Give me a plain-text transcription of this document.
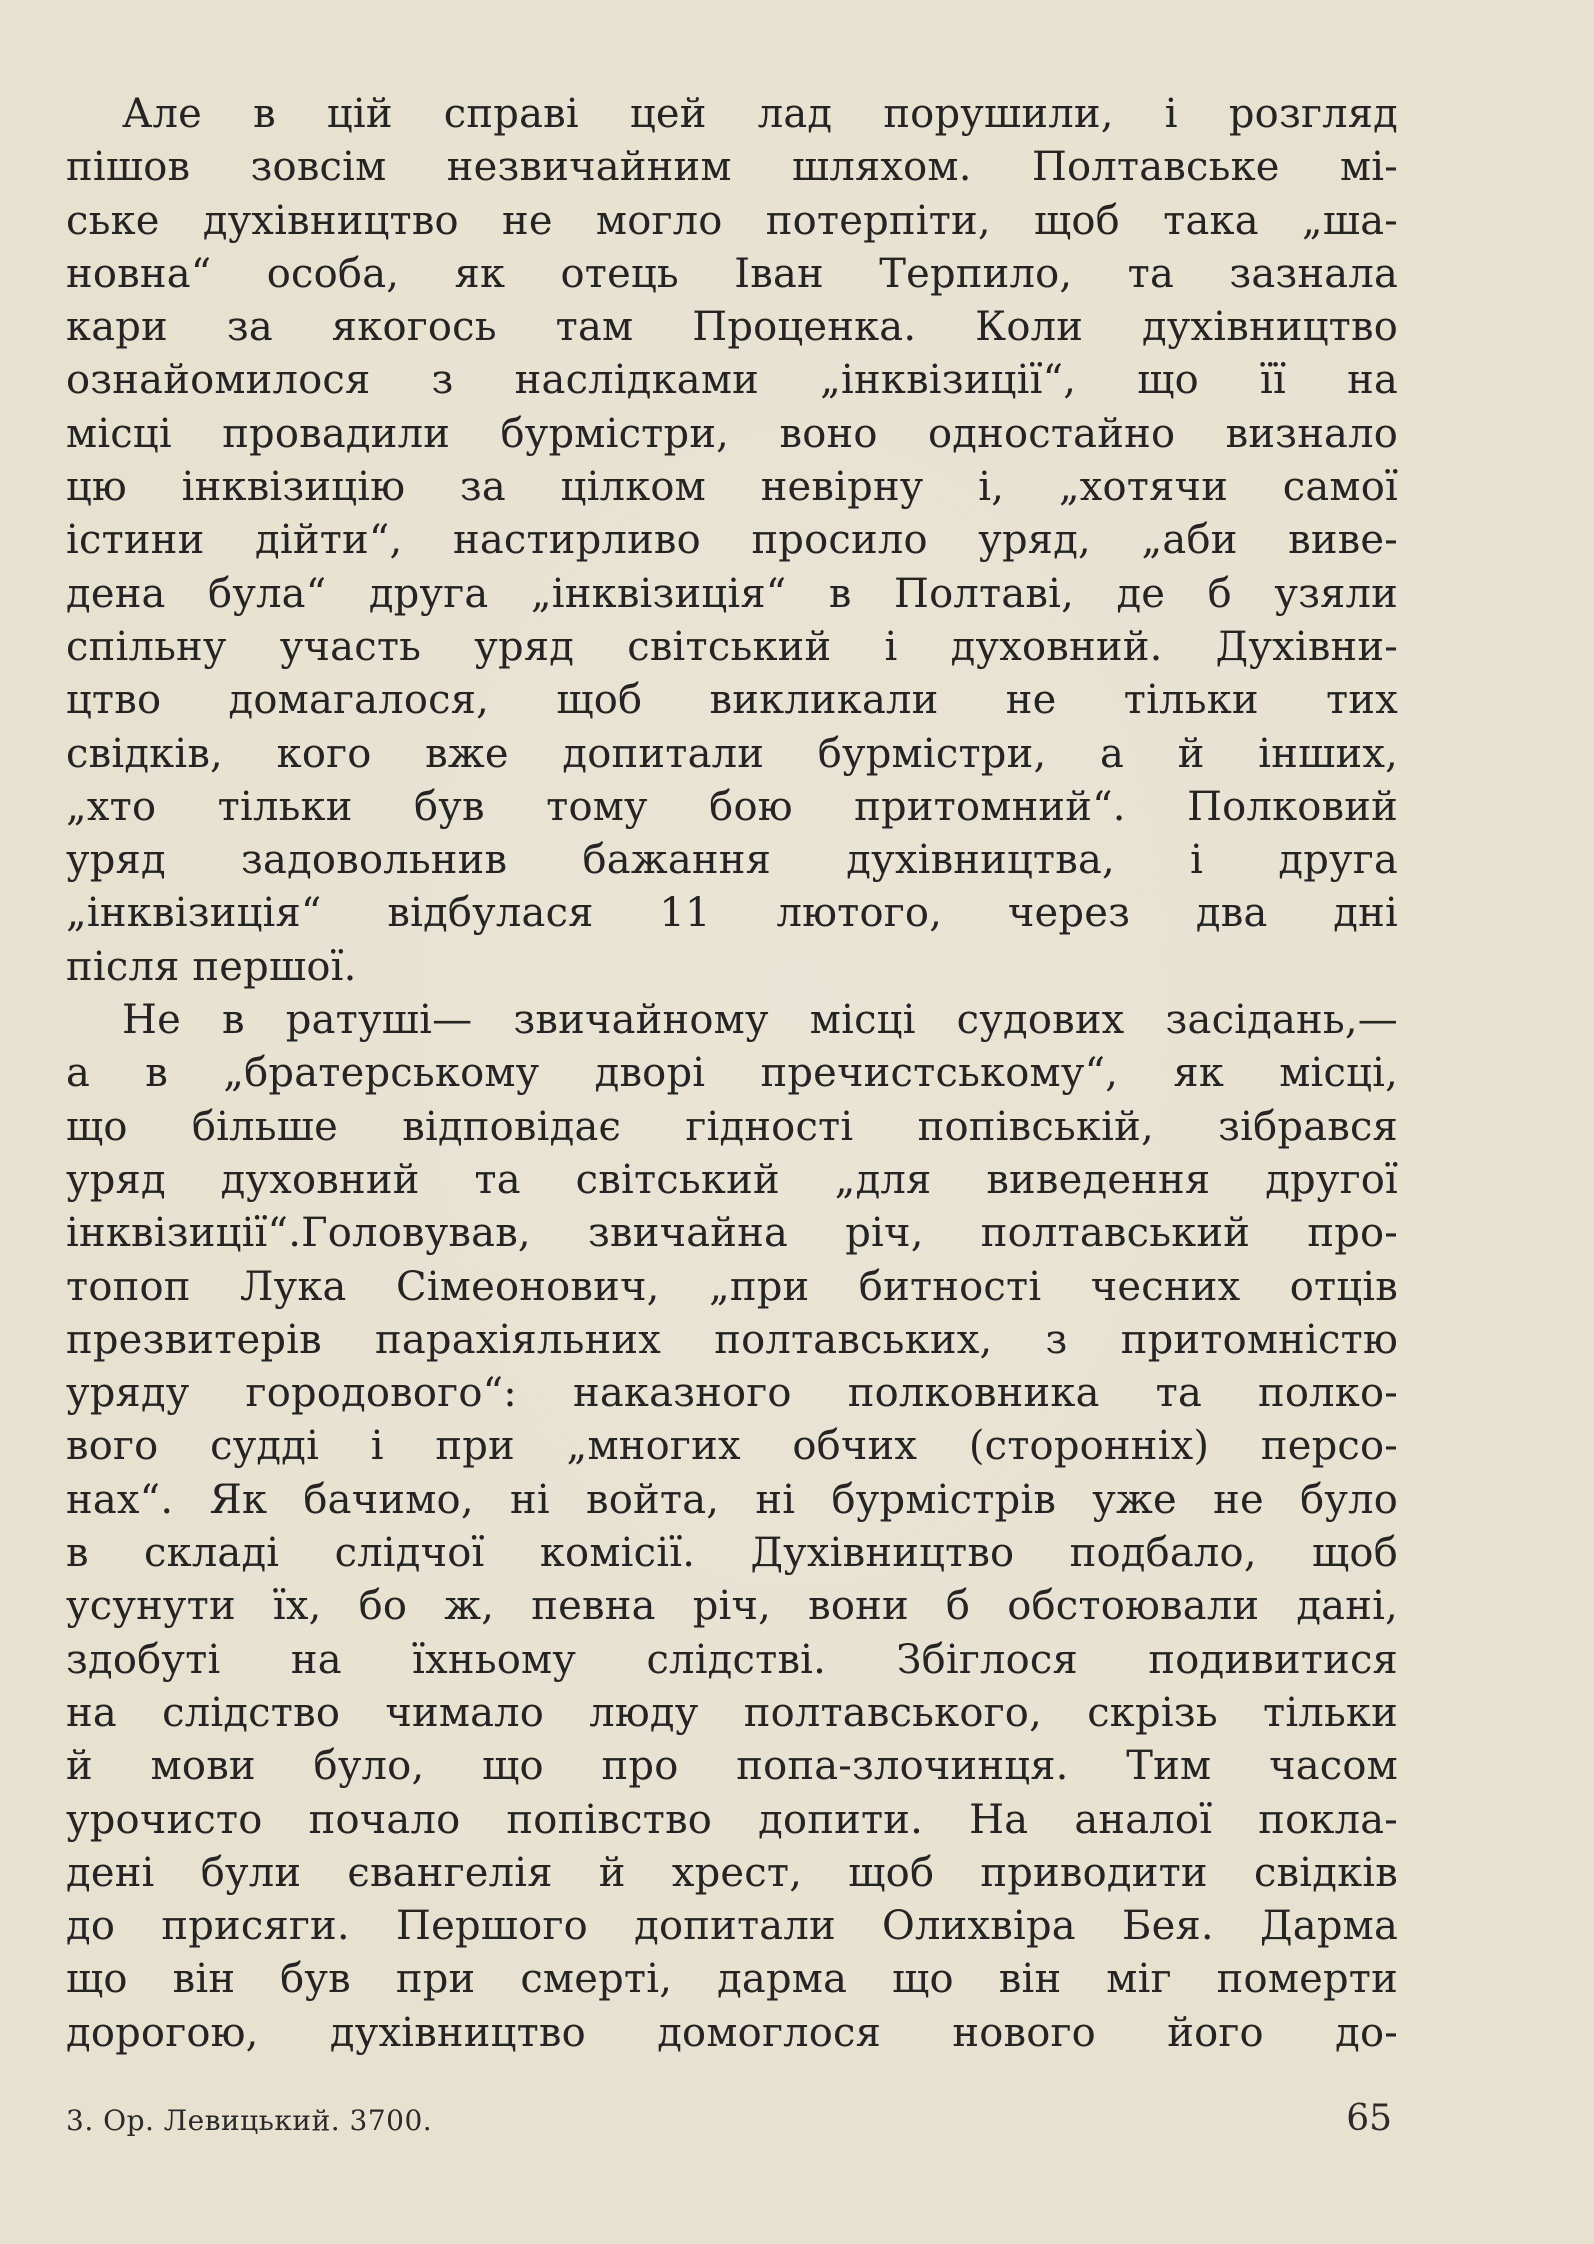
Але в цій справі цей лад порушили, і розгляд
пішов зовсім незвичайним шляхом. Полтавське мі-
ське духівництво не могло потерпіти, щоб така „ша-
новна“ особа, як отець Іван Терпило, та зазнала
кари за якогось там Проценка. Коли духівництво
ознайомилося з наслідками „інквізиції“, що її на
місці провадили бурмістри, воно одностайно визнало
цю інквізицію за цілком невірну і, „хотячи самої
істини дійти“, настирливо просило уряд, „аби виве-
дена була“ друга „інквізиція“ в Полтаві, де б узяли
спільну участь уряд світський і духовний. Духівни-
цтво домагалося, щоб викликали не тільки тих
свідків, кого вже допитали бурмістри, а й інших,
„хто тільки був тому бою притомний“. Полковий
уряд задовольнив бажання духівництва, і друга
„інквізиція“ відбулася 11 лютого, через два дні
після першої.
Не в ратуші— звичайному місці судових засідань,—
а в „братерському дворі пречистському“, як місці,
що більше відповідає гідності попівській, зібрався
уряд духовний та світський „для виведення другої
інквізиції“.Головував, звичайна річ, полтавський про-
топоп Лука Сімеонович, „при битності чесних отців
презвитерів парахіяльних полтавських, з притомністю
уряду городового“: наказного полковника та полко-
вого судді і при „многих обчих (сторонніх) персо-
нах“. Як бачимо, ні войта, ні бурмістрів уже не було
в складі слідчої комісії. Духівництво подбало, щоб
усунути їх, бо ж, певна річ, вони б обстоювали дані,
здобуті на їхньому слідстві. Збіглося подивитися
на слідство чимало люду полтавського, скрізь тільки
й мови було, що про попа-злочинця. Тим часом
урочисто почало попівство допити. На аналої покла-
дені були євангелія й хрест, щоб приводити свідків
до присяги. Першого допитали Олихвіра Бея. Дарма
що він був при смерті, дарма що він міг померти
дорогою, духівництво домоглося нового його до-
3. Ор. Левицький. 3700.	65
